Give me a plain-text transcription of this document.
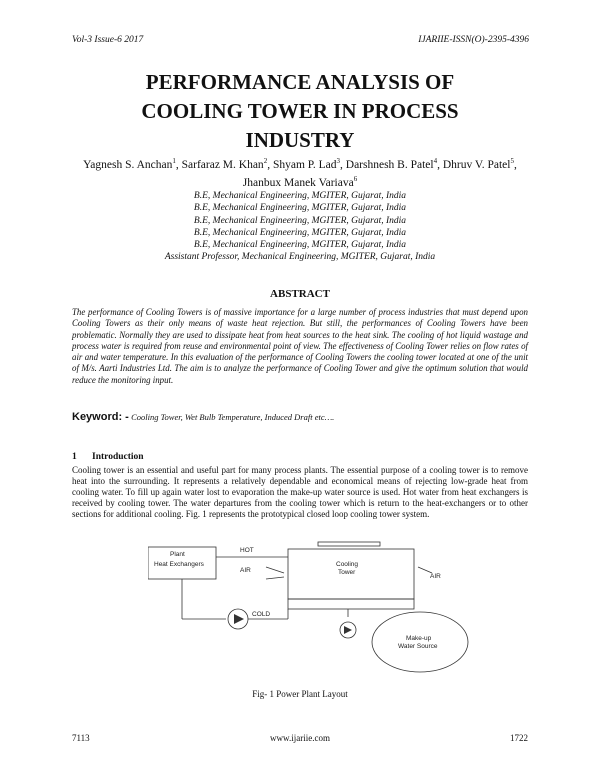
Vol-3 Issue-6 2017	IJARIIE-ISSN(O)-2395-4396
PERFORMANCE ANALYSIS OF
COOLING TOWER IN PROCESS
INDUSTRY
Yagnesh S. Anchan$^1$, Sarfaraz M. Khan$^2$, Shyam P. Lad$^3$, Darshnesh B. Patel$^4$, Dhruv V. Patel$^5$,
Jhanbux Manek Variava$^6$
B.E, Mechanical Engineering, MGITER, Gujarat, India
B.E, Mechanical Engineering, MGITER, Gujarat, India
B.E, Mechanical Engineering, MGITER, Gujarat, India
B.E, Mechanical Engineering, MGITER, Gujarat, India
B.E, Mechanical Engineering, MGITER, Gujarat, India
Assistant Professor, Mechanical Engineering, MGITER, Gujarat, India
ABSTRACT

The performance of Cooling Towers is of massive importance for a large number of process industries that must depend upon Cooling Towers as their only means of waste heat rejection. But still, the performances of Cooling Towers have been problematic. Normally they are used to dissipate heat from heat sources to the heat sink. The cooling of hot liquid wastage and process water is required from reuse and environmental point of view. The effectiveness of Cooling Tower relies on flow rates of air and water temperature. In this evaluation of the performance of Cooling Towers the cooling tower located at one of the unit of M/s. Aarti Industries Ltd. The aim is to analyze the performance of Cooling Tower and give the optimum solution that would reduce the monitoring input.

Keyword: - Cooling Tower, Wet Bulb Temperature, Induced Draft etc….
1 Introduction

Cooling tower is an essential and useful part for many process plants. The essential purpose of a cooling tower is to remove heat into the surrounding. It represents a relatively dependable and economical means of rejecting low-grade heat from cooling water. To fill up again water lost to evaporation the make-up water source is used. Hot water from heat exchangers is received by cooling tower. The water departures from the cooling tower which is return to the heat-exchangers or to other sections for additional cooling. Fig. 1 represents the prototypical closed loop cooling tower system.

Plant
Heat Exchangers
HOT
COLD
AIR
AIR
Cooling
Tower
Make-up
Water Source
Fig- 1 Power Plant Layout
7113	www.ijariie.com	1722
